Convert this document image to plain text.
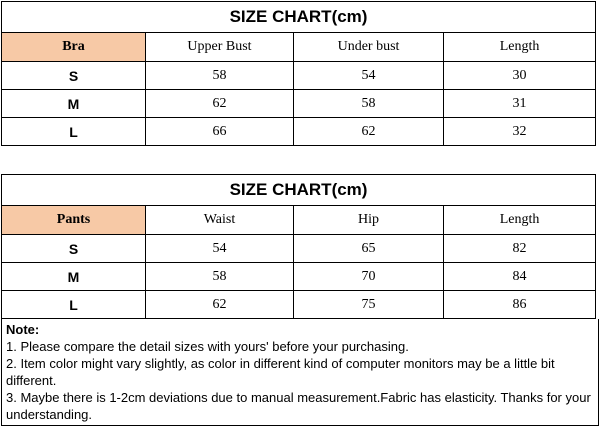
SIZE CHART(cm)			
Bra	Upper Bust	Under bust	Length
S	58	54	30
M	62	58	31
L	66	62	32
SIZE CHART(cm)			
Pants	Waist	Hip	Length
S	54	65	82
M	58	70	84
L	62	75	86
Note:
1. Please compare the detail sizes with yours' before your purchasing.
2. Item color might vary slightly, as color in different kind of computer monitors may be a little bit different.
3. Maybe there is 1-2cm deviations due to manual measurement.Fabric has elasticity. Thanks for your understanding.
